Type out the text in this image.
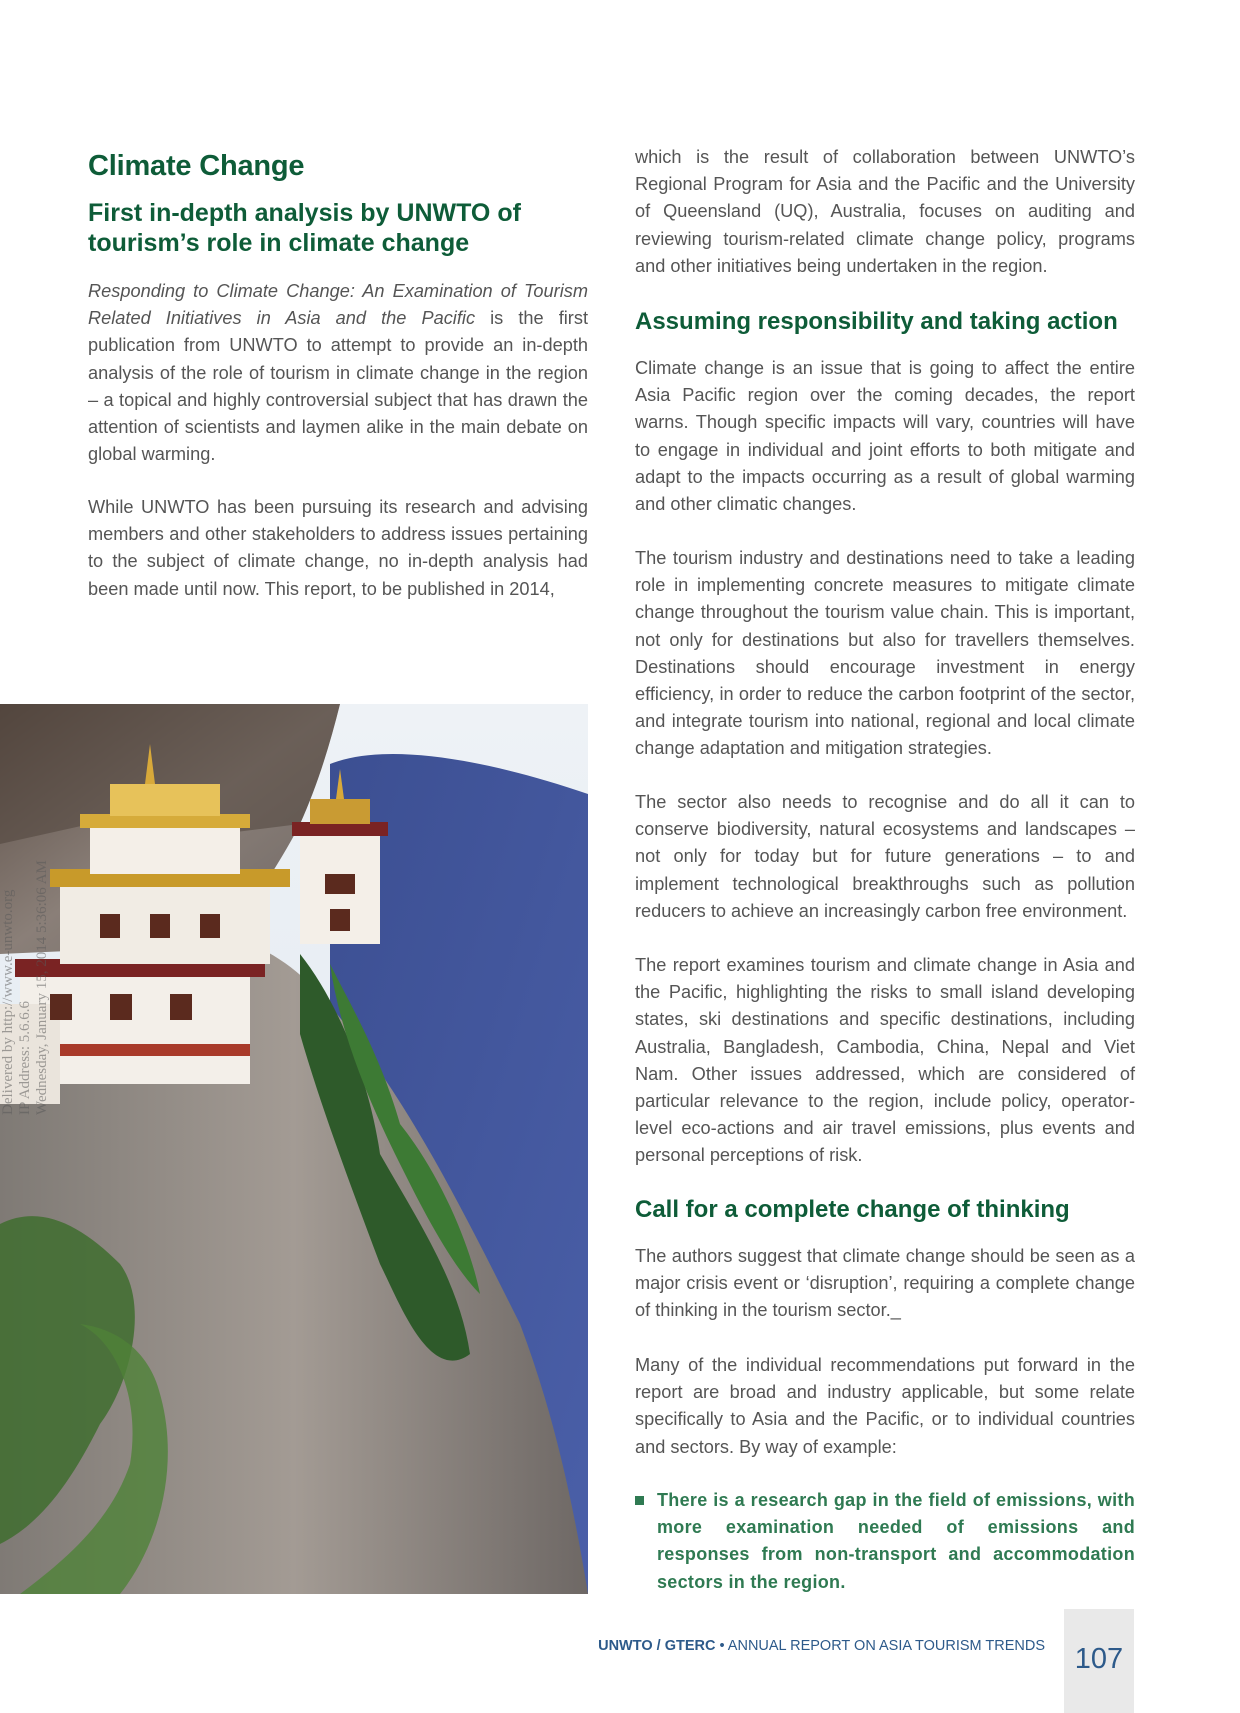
Climate Change
First in-depth analysis by UNWTO of tourism’s role in climate change

Responding to Climate Change: An Examination of Tourism Related Initiatives in Asia and the Pacific is the first publication from UNWTO to attempt to provide an in-depth analysis of the role of tourism in climate change in the region – a topical and highly controversial subject that has drawn the attention of scientists and laymen alike in the main debate on global warming.

While UNWTO has been pursuing its research and advising members and other stakeholders to address issues pertaining to the subject of climate change, no in-depth analysis had been made until now. This report, to be published in 2014,

Delivered by http://www.e-unwto.org
IP Address: 5.6.6.6
Wednesday, January 15, 2014 5:36:06 AM

which is the result of collaboration between UNWTO’s Regional Program for Asia and the Pacific and the University of Queensland (UQ), Australia, focuses on auditing and reviewing tourism-related climate change policy, programs and other initiatives being undertaken in the region.

Assuming responsibility and taking action

Climate change is an issue that is going to affect the entire Asia Pacific region over the coming decades, the report warns. Though specific impacts will vary, countries will have to engage in individual and joint efforts to both mitigate and adapt to the impacts occurring as a result of global warming and other climatic changes.

The tourism industry and destinations need to take a leading role in implementing concrete measures to mitigate climate change throughout the tourism value chain. This is important, not only for destinations but also for travellers themselves. Destinations should encourage investment in energy efficiency, in order to reduce the carbon footprint of the sector, and integrate tourism into national, regional and local climate change adaptation and mitigation strategies.

The sector also needs to recognise and do all it can to conserve biodiversity, natural ecosystems and landscapes – not only for today but for future generations – to and implement technological breakthroughs such as pollution reducers to achieve an increasingly carbon free environment.

The report examines tourism and climate change in Asia and the Pacific, highlighting the risks to small island developing states, ski destinations and specific destinations, including Australia, Bangladesh, Cambodia, China, Nepal and Viet Nam. Other issues addressed, which are considered of particular relevance to the region, include policy, operator-level eco-actions and air travel emissions, plus events and personal perceptions of risk.

Call for a complete change of thinking

The authors suggest that climate change should be seen as a major crisis event or ‘disruption’, requiring a complete change of thinking in the tourism sector._

Many of the individual recommendations put forward in the report are broad and industry applicable, but some relate specifically to Asia and the Pacific, or to individual countries and sectors. By way of example:

There is a research gap in the field of emissions, with more examination needed of emissions and responses from non-transport and accommodation sectors in the region.
UNWTO / GTERC • ANNUAL REPORT ON ASIA TOURISM TRENDS	107
